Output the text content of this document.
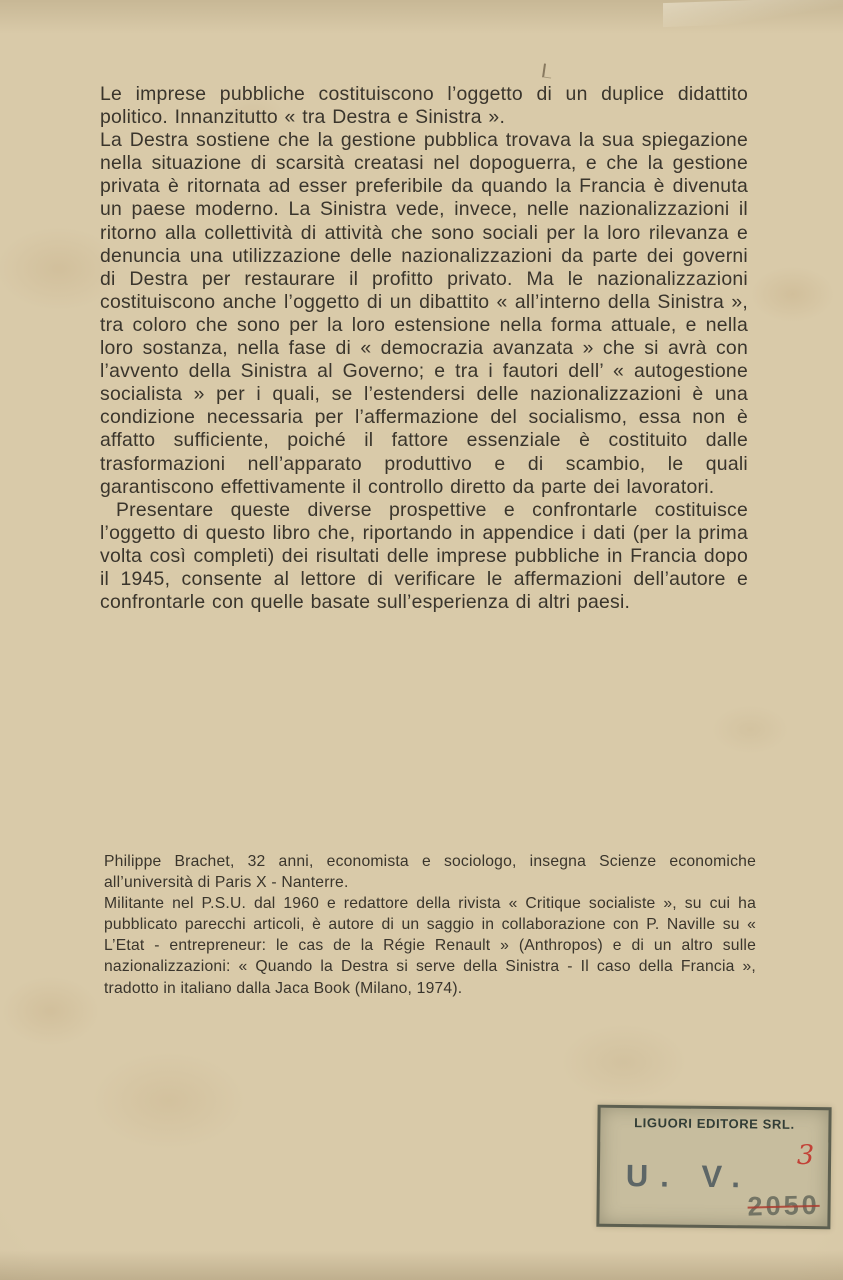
Le imprese pubbliche costituiscono l’oggetto di un duplice didattito politico. Innanzitutto « tra Destra e Sinistra ».

La Destra sostiene che la gestione pubblica trovava la sua spiegazione nella situazione di scarsità creatasi nel dopoguerra, e che la gestione privata è ritornata ad esser preferibile da quando la Francia è divenuta un paese moderno. La Sinistra vede, invece, nelle nazionalizzazioni il ritorno alla collettività di attività che sono sociali per la loro rilevanza e denuncia una utilizzazione delle nazionalizzazioni da parte dei governi di Destra per restaurare il profitto privato. Ma le nazionalizzazioni costituiscono anche l’oggetto di un dibattito « all’interno della Sinistra », tra coloro che sono per la loro estensione nella forma attuale, e nella loro sostanza, nella fase di « democrazia avanzata » che si avrà con l’avvento della Sinistra al Governo; e tra i fautori dell’ « autogestione socialista » per i quali, se l’estendersi delle nazionalizzazioni è una condizione necessaria per l’affermazione del socialismo, essa non è affatto sufficiente, poiché il fattore essenziale è costituito dalle trasformazioni nell’apparato produttivo e di scambio, le quali garantiscono effettivamente il controllo diretto da parte dei lavoratori.

Presentare queste diverse prospettive e confrontarle costituisce l’oggetto di questo libro che, riportando in appendice i dati (per la prima volta così completi) dei risultati delle imprese pubbliche in Francia dopo il 1945, consente al lettore di verificare le affermazioni dell’autore e confrontarle con quelle basate sull’esperienza di altri paesi.

Philippe Brachet, 32 anni, economista e sociologo, insegna Scienze economiche all’università di Paris X - Nanterre.

Militante nel P.S.U. dal 1960 e redattore della rivista « Critique socialiste », su cui ha pubblicato parecchi articoli, è autore di un saggio in collaborazione con P. Naville su « L’Etat - entrepreneur: le cas de la Régie Renault » (Anthropos) e di un altro sulle nazionalizzazioni: « Quando la Destra si serve della Sinistra - Il caso della Francia », tradotto in italiano dalla Jaca Book (Milano, 1974).

LIGUORI EDITORE SRL.
3
U. V.
2050
